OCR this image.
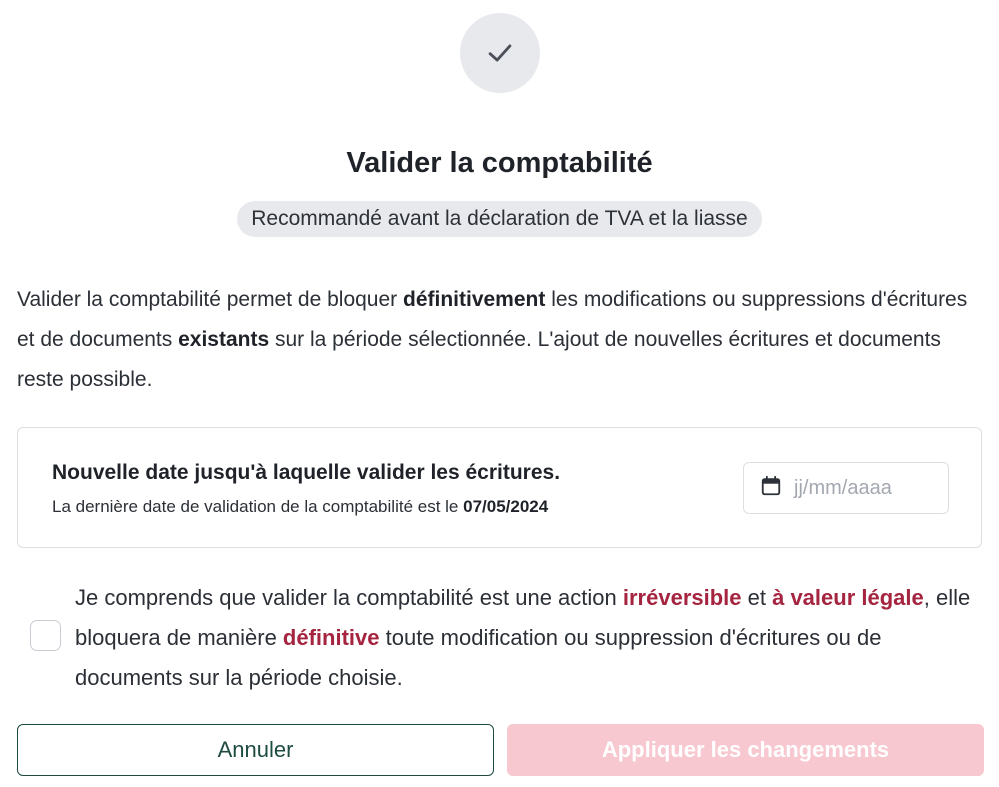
Valider la comptabilité
Recommandé avant la déclaration de TVA et la liasse

Valider la comptabilité permet de bloquer définitivement les modifications ou suppressions d'écritures et de documents existants sur la période sélectionnée. L'ajout de nouvelles écritures et documents reste possible.

Nouvelle date jusqu'à laquelle valider les écritures.
La dernière date de validation de la comptabilité est le 07/05/2024
jj/mm/aaaa

Je comprends que valider la comptabilité est une action irréversible et à valeur légale, elle bloquera de manière définitive toute modification ou suppression d'écritures ou de documents sur la période choisie.

Annuler	Appliquer les changements
